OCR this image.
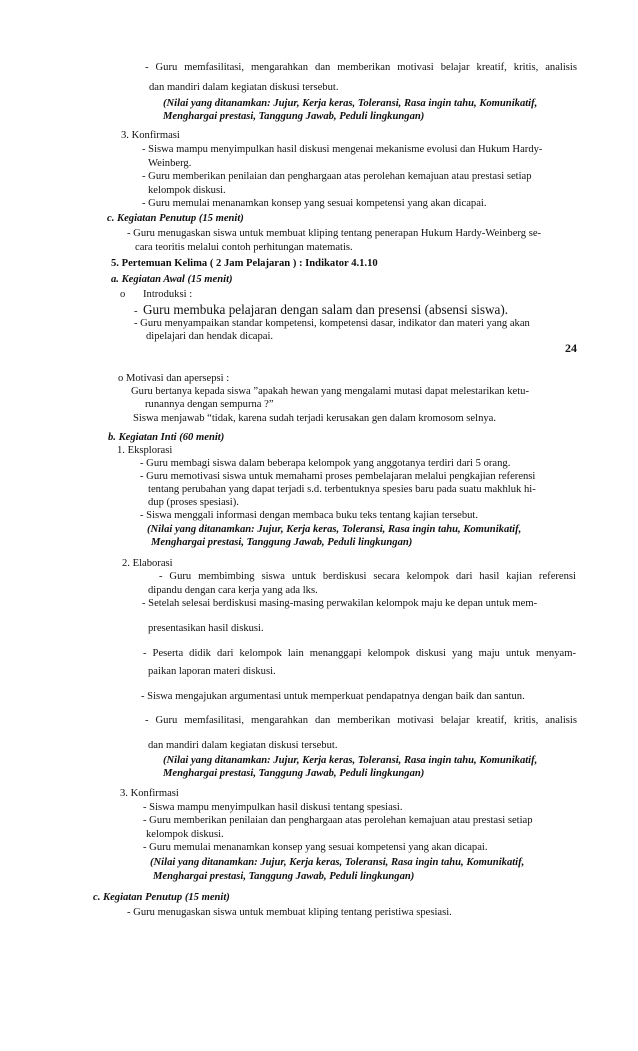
- Guru memfasilitasi, mengarahkan dan memberikan motivasi belajar kreatif, kritis, analisis
dan mandiri dalam kegiatan diskusi tersebut.
(Nilai yang ditanamkan: Jujur, Kerja keras, Toleransi, Rasa ingin tahu, Komunikatif,
Menghargai prestasi, Tanggung Jawab, Peduli lingkungan)
3. Konfirmasi
- Siswa mampu menyimpulkan hasil diskusi mengenai mekanisme evolusi dan Hukum Hardy-
Weinberg.
- Guru memberikan penilaian dan penghargaan atas perolehan kemajuan atau prestasi setiap
kelompok diskusi.
- Guru memulai menanamkan konsep yang sesuai kompetensi yang akan dicapai.
c. Kegiatan Penutup (15 menit)
- Guru menugaskan siswa untuk membuat kliping tentang penerapan Hukum Hardy-Weinberg se-
cara teoritis melalui contoh perhitungan matematis.
5. Pertemuan Kelima ( 2 Jam Pelajaran ) : Indikator 4.1.10
a. Kegiatan Awal (15 menit)
o Introduksi :
- Guru membuka pelajaran dengan salam dan presensi (absensi siswa).
- Guru menyampaikan standar kompetensi, kompetensi dasar, indikator dan materi yang akan
dipelajari dan hendak dicapai.
24
o Motivasi dan apersepsi :
Guru bertanya kepada siswa ”apakah hewan yang mengalami mutasi dapat melestarikan ketu-
runannya dengan sempurna ?”
Siswa menjawab “tidak, karena sudah terjadi kerusakan gen dalam kromosom selnya.
b. Kegiatan Inti (60 menit)
1. Eksplorasi
- Guru membagi siswa dalam beberapa kelompok yang anggotanya terdiri dari 5 orang.
- Guru memotivasi siswa untuk memahami proses pembelajaran melalui pengkajian referensi
tentang perubahan yang dapat terjadi s.d. terbentuknya spesies baru pada suatu makhluk hi-
dup (proses spesiasi).
- Siswa menggali informasi dengan membaca buku teks tentang kajian tersebut.
(Nilai yang ditanamkan: Jujur, Kerja keras, Toleransi, Rasa ingin tahu, Komunikatif,
Menghargai prestasi, Tanggung Jawab, Peduli lingkungan)
2. Elaborasi
- Guru membimbing siswa untuk berdiskusi secara kelompok dari hasil kajian referensi
dipandu dengan cara kerja yang ada lks.
- Setelah selesai berdiskusi masing-masing perwakilan kelompok maju ke depan untuk mem-
presentasikan hasil diskusi.
- Peserta didik dari kelompok lain menanggapi kelompok diskusi yang maju untuk menyam-
paikan laporan materi diskusi.
- Siswa mengajukan argumentasi untuk memperkuat pendapatnya dengan baik dan santun.
- Guru memfasilitasi, mengarahkan dan memberikan motivasi belajar kreatif, kritis, analisis
dan mandiri dalam kegiatan diskusi tersebut.
(Nilai yang ditanamkan: Jujur, Kerja keras, Toleransi, Rasa ingin tahu, Komunikatif,
Menghargai prestasi, Tanggung Jawab, Peduli lingkungan)
3. Konfirmasi
- Siswa mampu menyimpulkan hasil diskusi tentang spesiasi.
- Guru memberikan penilaian dan penghargaan atas perolehan kemajuan atau prestasi setiap
kelompok diskusi.
- Guru memulai menanamkan konsep yang sesuai kompetensi yang akan dicapai.
(Nilai yang ditanamkan: Jujur, Kerja keras, Toleransi, Rasa ingin tahu, Komunikatif,
Menghargai prestasi, Tanggung Jawab, Peduli lingkungan)
c. Kegiatan Penutup (15 menit)
- Guru menugaskan siswa untuk membuat kliping tentang peristiwa spesiasi.
